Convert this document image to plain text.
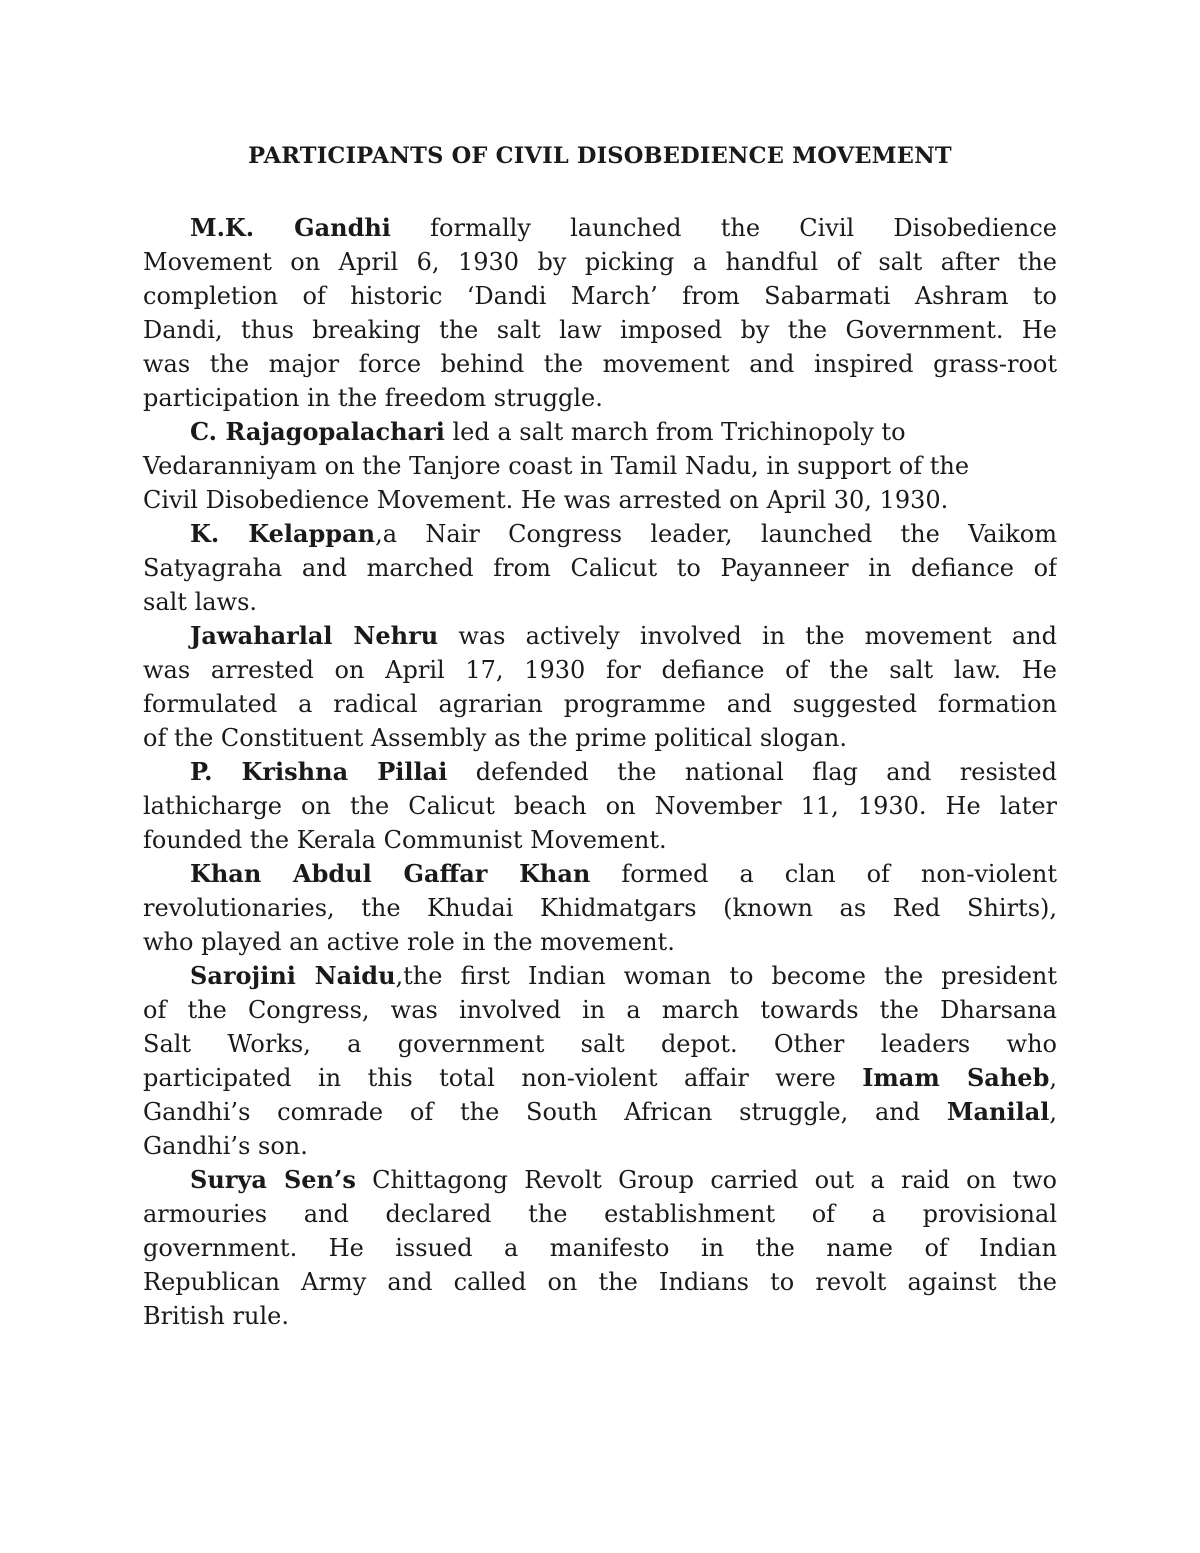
PARTICIPANTS OF CIVIL DISOBEDIENCE MOVEMENT
M.K. Gandhi formally launched the Civil Disobedience
Movement on April 6, 1930 by picking a handful of salt after the
completion of historic ‘Dandi March’ from Sabarmati Ashram to
Dandi, thus breaking the salt law imposed by the Government. He
was the major force behind the movement and inspired grass-root
participation in the freedom struggle.
C. Rajagopalachari led a salt march from Trichinopoly to
Vedaranniyam on the Tanjore coast in Tamil Nadu, in support of the
Civil Disobedience Movement. He was arrested on April 30, 1930.
K. Kelappan,a Nair Congress leader, launched the Vaikom
Satyagraha and marched from Calicut to Payanneer in defiance of
salt laws.
Jawaharlal Nehru was actively involved in the movement and
was arrested on April 17, 1930 for defiance of the salt law. He
formulated a radical agrarian programme and suggested formation
of the Constituent Assembly as the prime political slogan.
P. Krishna Pillai defended the national flag and resisted
lathicharge on the Calicut beach on November 11, 1930. He later
founded the Kerala Communist Movement.
Khan Abdul Gaffar Khan formed a clan of non-violent
revolutionaries, the Khudai Khidmatgars (known as Red Shirts),
who played an active role in the movement.
Sarojini Naidu,the first Indian woman to become the president
of the Congress, was involved in a march towards the Dharsana
Salt Works, a government salt depot. Other leaders who
participated in this total non-violent affair were Imam Saheb,
Gandhi’s comrade of the South African struggle, and Manilal,
Gandhi’s son.
Surya Sen’s Chittagong Revolt Group carried out a raid on two
armouries and declared the establishment of a provisional
government. He issued a manifesto in the name of Indian
Republican Army and called on the Indians to revolt against the
British rule.
